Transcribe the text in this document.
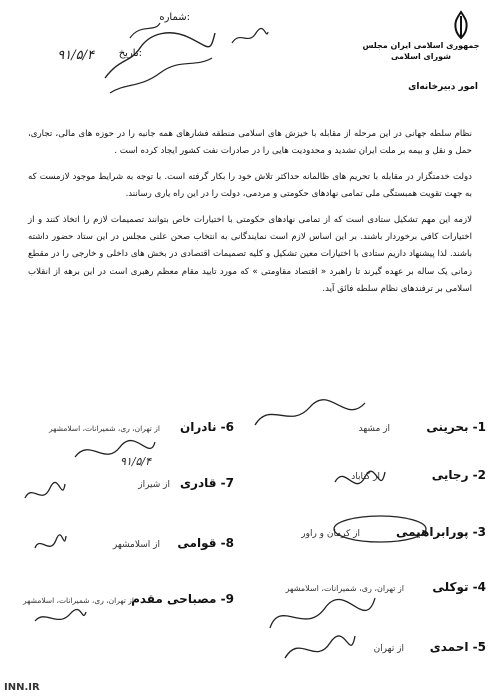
جمهوری اسلامی ایران مجلس شورای اسلامی
امور دبیرخانه‌ای
شماره:
تاریخ:
۹۱/۵/۴

نظام سلطه جهانی در این مرحله از مقابله با خیزش های اسلامی منطقه فشارهای همه جانبه را در حوزه های مالی، تجاری، حمل و نقل و بیمه بر ملت ایران تشدید و محدودیت هایی را در صادرات نفت کشور ایجاد کرده است .

دولت خدمتگزار در مقابله با تحریم های ظالمانه حداکثر تلاش خود را بکار گرفته است. با توجه به شرایط موجود لازمست که به جهت تقویت همبستگی ملی تمامی نهادهای حکومتی و مردمی، دولت را در این راه یاری رسانند.

لازمه این مهم تشکیل ستادی است که از تمامی نهادهای حکومتی با اختیارات خاص بتوانند تصمیمات لازم را اتخاذ کنند و از اختیارات کافی برخوردار باشند. بر این اساس لازم است نمایندگانی به انتخاب صحن علنی مجلس در این ستاد حضور داشته باشند. لذا پیشنهاد داریم ستادی با اختیارات معین تشکیل و کلیه تصمیمات اقتصادی در بخش های داخلی و خارجی را در مقطع زمانی یک ساله بر عهده گیرند تا راهبرد « اقتصاد مقاومتی » که مورد تایید مقام معظم رهبری است در این برهه از انقلاب اسلامی بر ترفندهای نظام سلطه فائق آید.

1- بحرینی
از مشهد
2- رجایی
از گناباد
3- پورابراهیمی
از کرمان و راور
4- توکلی
از تهران، ری، شمیرانات، اسلامشهر
5- احمدی
از تهران
6- نادران
از تهران، ری، شمیرانات، اسلامشهر
۹۱/۵/۴
7- قادری
از شیراز
8- قوامی
از اسلامشهر
9- مصباحی مقدم
از تهران، ری، شمیرانات، اسلامشهر
INN.IR
